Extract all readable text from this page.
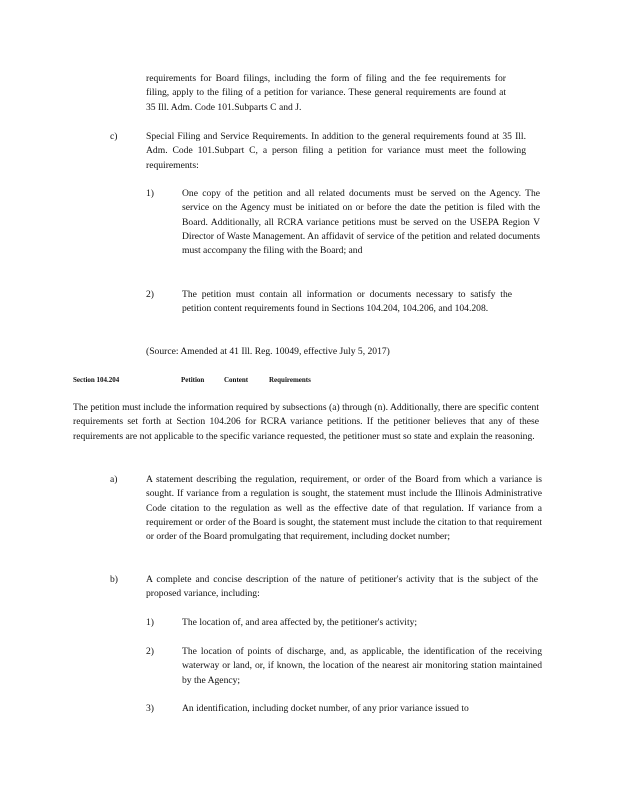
requirements for Board filings, including the form of filing and the fee requirements for filing, apply to the filing of a petition for variance. These general requirements are found at 35 Ill. Adm. Code 101.Subparts C and J.

c)	Special Filing and Service Requirements. In addition to the general requirements found at 35 Ill. Adm. Code 101.Subpart C, a person filing a petition for variance must meet the following requirements:

1)	One copy of the petition and all related documents must be served on the Agency. The service on the Agency must be initiated on or before the date the petition is filed with the Board. Additionally, all RCRA variance petitions must be served on the USEPA Region V Director of Waste Management. An affidavit of service of the petition and related documents must accompany the filing with the Board; and

2)	The petition must contain all information or documents necessary to satisfy the petition content requirements found in Sections 104.204, 104.206, and 104.208.

(Source: Amended at 41 Ill. Reg. 10049, effective July 5, 2017)

Section 104.204	Petition	Content	Requirements

The petition must include the information required by subsections (a) through (n). Additionally, there are specific content requirements set forth at Section 104.206 for RCRA variance petitions. If the petitioner believes that any of these requirements are not applicable to the specific variance requested, the petitioner must so state and explain the reasoning.

a)	A statement describing the regulation, requirement, or order of the Board from which a variance is sought. If variance from a regulation is sought, the statement must include the Illinois Administrative Code citation to the regulation as well as the effective date of that regulation. If variance from a requirement or order of the Board is sought, the statement must include the citation to that requirement or order of the Board promulgating that requirement, including docket number;

b)	A complete and concise description of the nature of petitioner's activity that is the subject of the proposed variance, including:

1)	The location of, and area affected by, the petitioner's activity;

2)	The location of points of discharge, and, as applicable, the identification of the receiving waterway or land, or, if known, the location of the nearest air monitoring station maintained by the Agency;

3)	An identification, including docket number, of any prior variance issued to
